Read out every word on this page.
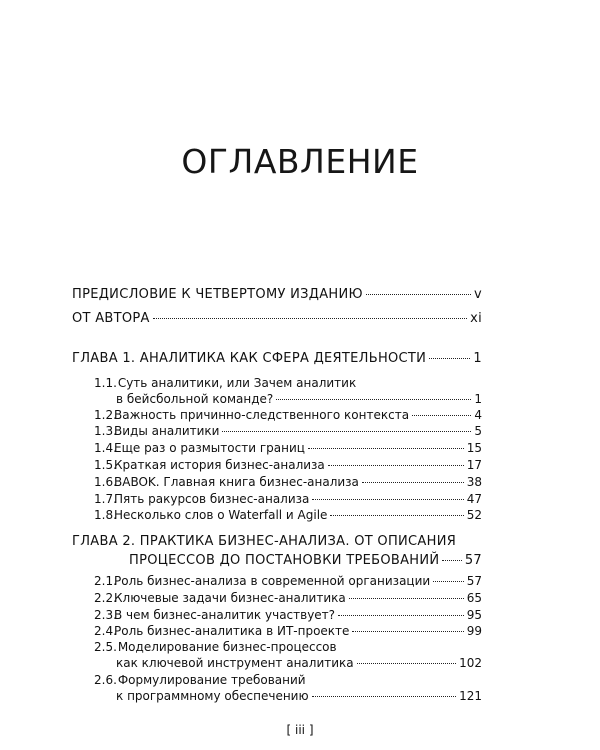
ОГЛАВЛЕНИЕ
ПРЕДИСЛОВИЕ К ЧЕТВЕРТОМУ ИЗДАНИЮ	v
ОТ АВТОРА	xi
ГЛАВА 1. АНАЛИТИКА КАК СФЕРА ДЕЯТЕЛЬНОСТИ	1
1.1. Суть аналитики, или Зачем аналитик
в бейсбольной команде?	1
1.2.Важность причинно-следственного контекста	4
1.3.Виды аналитики	5
1.4.Еще раз о размытости границ	15
1.5.Краткая история бизнес-анализа	17
1.6.BABOK. Главная книга бизнес-анализа	38
1.7.Пять ракурсов бизнес-анализа	47
1.8.Несколько слов о Waterfall и Agile	52
ГЛАВА 2. ПРАКТИКА БИЗНЕС-АНАЛИЗА. ОТ ОПИСАНИЯ
ПРОЦЕССОВ ДО ПОСТАНОВКИ ТРЕБОВАНИЙ 57
2.1.Роль бизнес-анализа в современной организации	57
2.2.Ключевые задачи бизнес-аналитика	65
2.3.В чем бизнес-аналитик участвует?	95
2.4.Роль бизнес-аналитика в ИТ-проекте	99
2.5. Моделирование бизнес-процессов
как ключевой инструмент аналитика	102
2.6. Формулирование требований
к программному обеспечению	121
[ iii ]
